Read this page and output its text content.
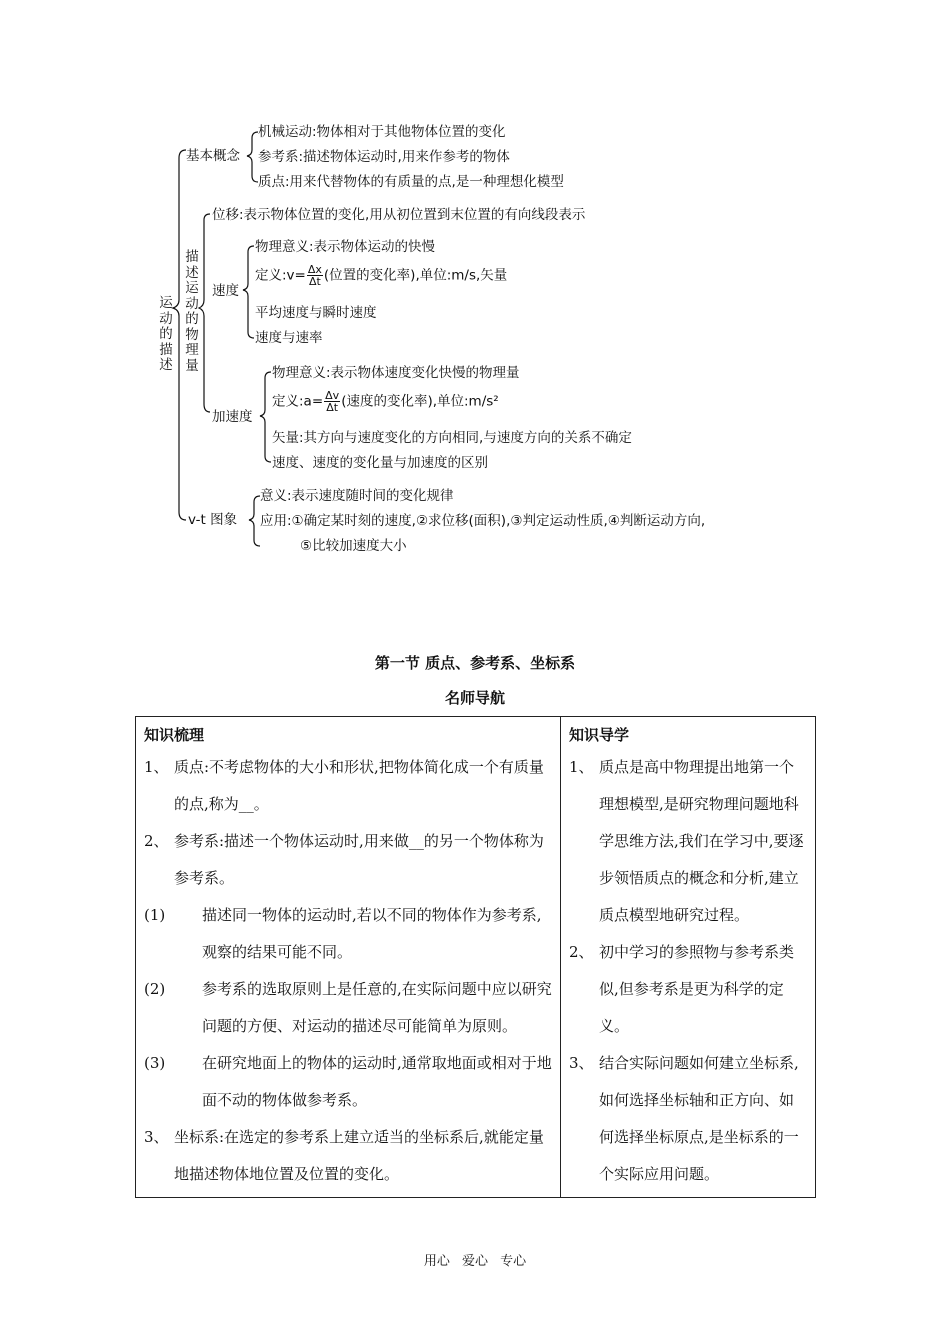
运动的描述
基本概念
机械运动:物体相对于其他物体位置的变化
参考系:描述物体运动时,用来作参考的物体
质点:用来代替物体的有质量的点,是一种理想化模型
描述运动的物理量
位移:表示物体位置的变化,用从初位置到末位置的有向线段表示
速度
物理意义:表示物体运动的快慢
定义:v= $\frac{\Delta x}{\Delta t}$ (位置的变化率),单位:m/s,矢量
平均速度与瞬时速度
速度与速率
加速度
物理意义:表示物体速度变化快慢的物理量
定义:a= $\frac{\Delta v}{\Delta t}$ (速度的变化率),单位:m/s²
矢量:其方向与速度变化的方向相同,与速度方向的关系不确定
速度、速度的变化量与加速度的区别
v-t 图象
意义:表示速度随时间的变化规律
应用:①确定某时刻的速度,②求位移(面积),③判定运动性质,④判断运动方向,
⑤比较加速度大小
第一节 质点、参考系、坐标系
名师导航
知识梳理
1、 质点:不考虑物体的大小和形状,把物体简化成一个有质量的点,称为__。
2、 参考系:描述一个物体运动时,用来做__的另一个物体称为参考系。
(1)	描述同一物体的运动时,若以不同的物体作为参考系,观察的结果可能不同。
(2)	参考系的选取原则上是任意的,在实际问题中应以研究问题的方便、对运动的描述尽可能简单为原则。
(3)	在研究地面上的物体的运动时,通常取地面或相对于地面不动的物体做参考系。
3、 坐标系:在选定的参考系上建立适当的坐标系后,就能定量地描述物体地位置及位置的变化。

知识导学
1、 质点是高中物理提出地第一个理想模型,是研究物理问题地科学思维方法,我们在学习中,要逐步领悟质点的概念和分析,建立质点模型地研究过程。
2、 初中学习的参照物与参考系类似,但参考系是更为科学的定义。
3、 结合实际问题如何建立坐标系,如何选择坐标轴和正方向、如何选择坐标原点,是坐标系的一个实际应用问题。
用心 爱心 专心
